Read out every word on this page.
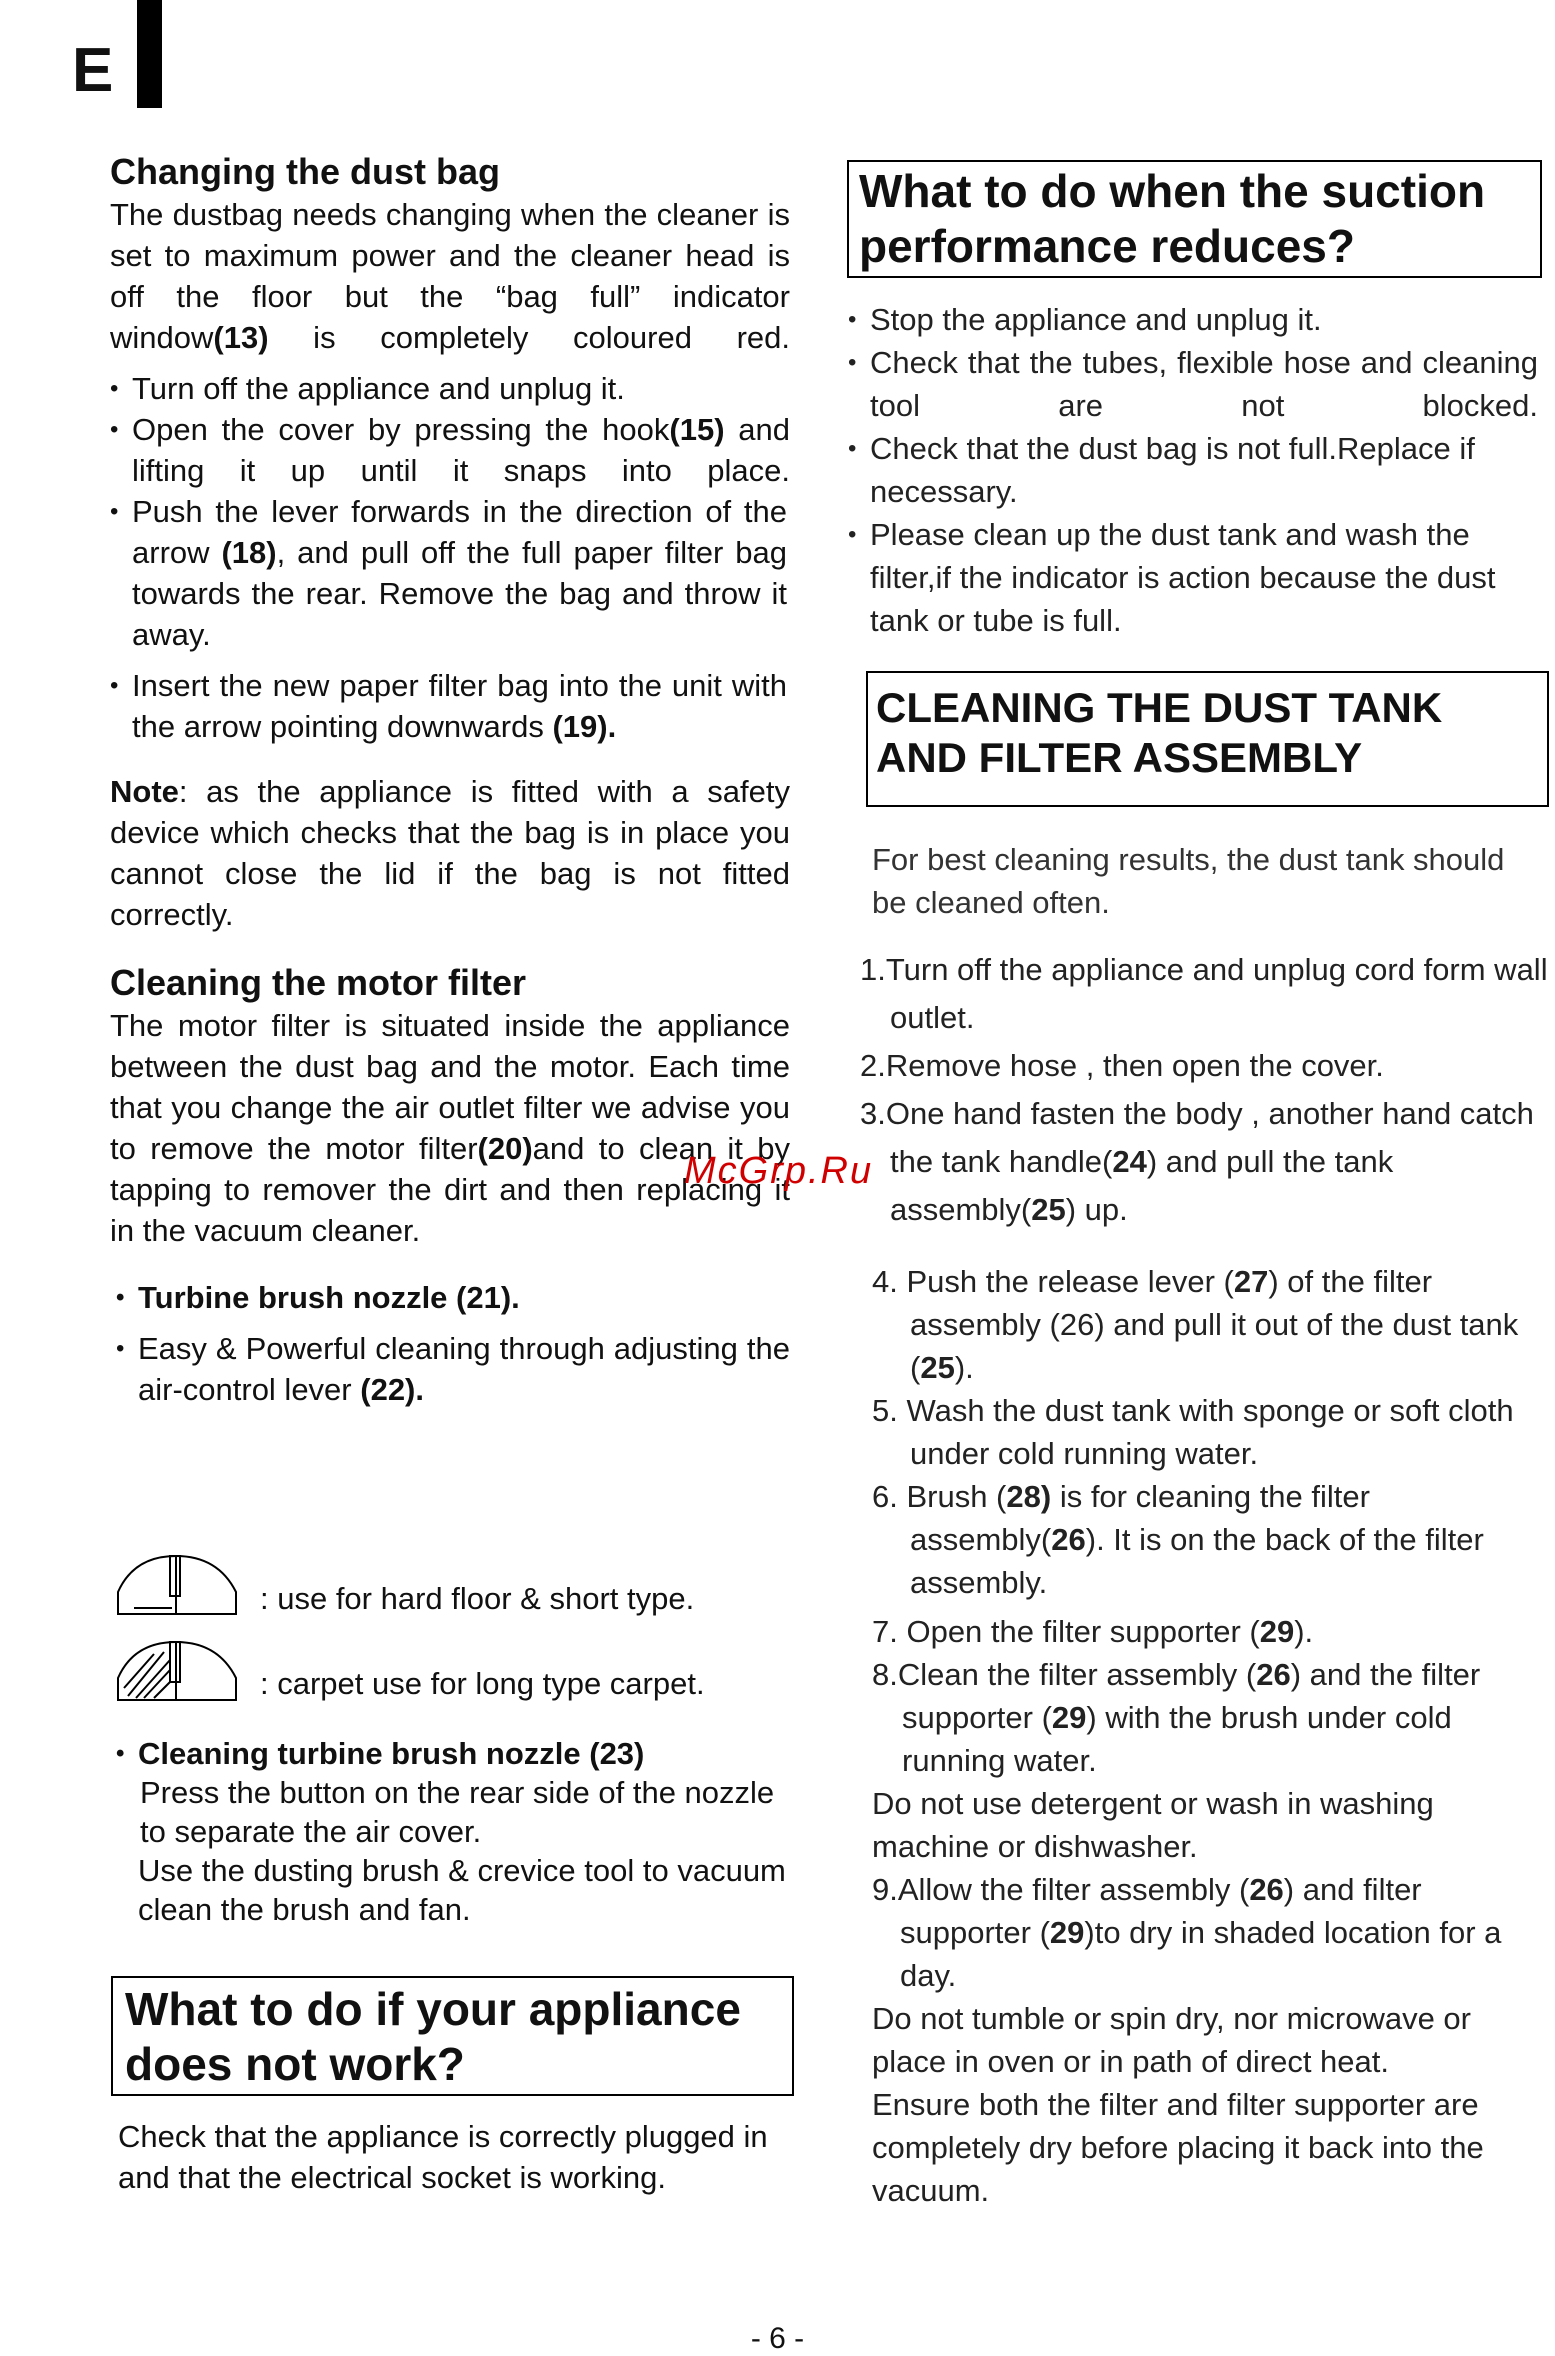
E

Changing the dust bag

The dustbag needs changing when the cleaner is set to maximum power and the cleaner head is off the floor but the “bag full” indicator window(13) is completely coloured red.

• Turn off the appliance and unplug it.

• Open the cover by pressing the hook(15) and lifting it up until it snaps into place.

• Push the lever forwards in the direction of the arrow (18), and pull off the full paper filter bag towards the rear. Remove the bag and throw it away.

• Insert the new paper filter bag into the unit with the arrow pointing downwards (19).

Note: as the appliance is fitted with a safety device which checks that the bag is in place you cannot close the lid if the bag is not fitted correctly.

Cleaning the motor filter

The motor filter is situated inside the appliance between the dust bag and the motor. Each time that you change the air outlet filter we advise you to remove the motor filter(20)and to clean it by tapping to remover the dirt and then replacing it in the vacuum cleaner.

• Turbine brush nozzle (21).

• Easy & Powerful cleaning through adjusting the air-control lever (22).

: use for hard floor & short type.
: carpet use for long type carpet.

• Cleaning turbine brush nozzle (23)

Press the button on the rear side of the nozzle to separate the air cover.

Use the dusting brush & crevice tool to vacuum clean the brush and fan.

What to do if your appliance does not work?
Check that the appliance is correctly plugged in and that the electrical socket is working.
What to do when the suction performance reduces?

• Stop the appliance and unplug it.

• Check that the tubes, flexible hose and cleaning tool are not blocked.

• Check that the dust bag is not full.Replace if necessary.

• Please clean up the dust tank and wash the filter,if the indicator is action because the dust tank or tube is full.

CLEANING THE DUST TANK AND FILTER ASSEMBLY
For best cleaning results, the dust tank should be cleaned often.

1.Turn off the appliance and unplug cord form wall outlet.

2.Remove hose , then open the cover.

3.One hand fasten the body , another hand catch the tank handle(24) and pull the tank assembly(25) up.

4. Push the release lever (27) of the filter assembly (26) and pull it out of the dust tank (25).

5. Wash the dust tank with sponge or soft cloth under cold running water.

6. Brush (28) is for cleaning the filter assembly(26). It is on the back of the filter assembly.

7. Open the filter supporter (29).

8.Clean the filter assembly (26) and the filter supporter (29) with the brush under cold running water.

Do not use detergent or wash in washing machine or dishwasher.

9.Allow the filter assembly (26) and filter supporter (29)to dry in shaded location for a day.

Do not tumble or spin dry, nor microwave or place in oven or in path of direct heat.

Ensure both the filter and filter supporter are completely dry before placing it back into the vacuum.

McGrp.Ru
- 6 -
